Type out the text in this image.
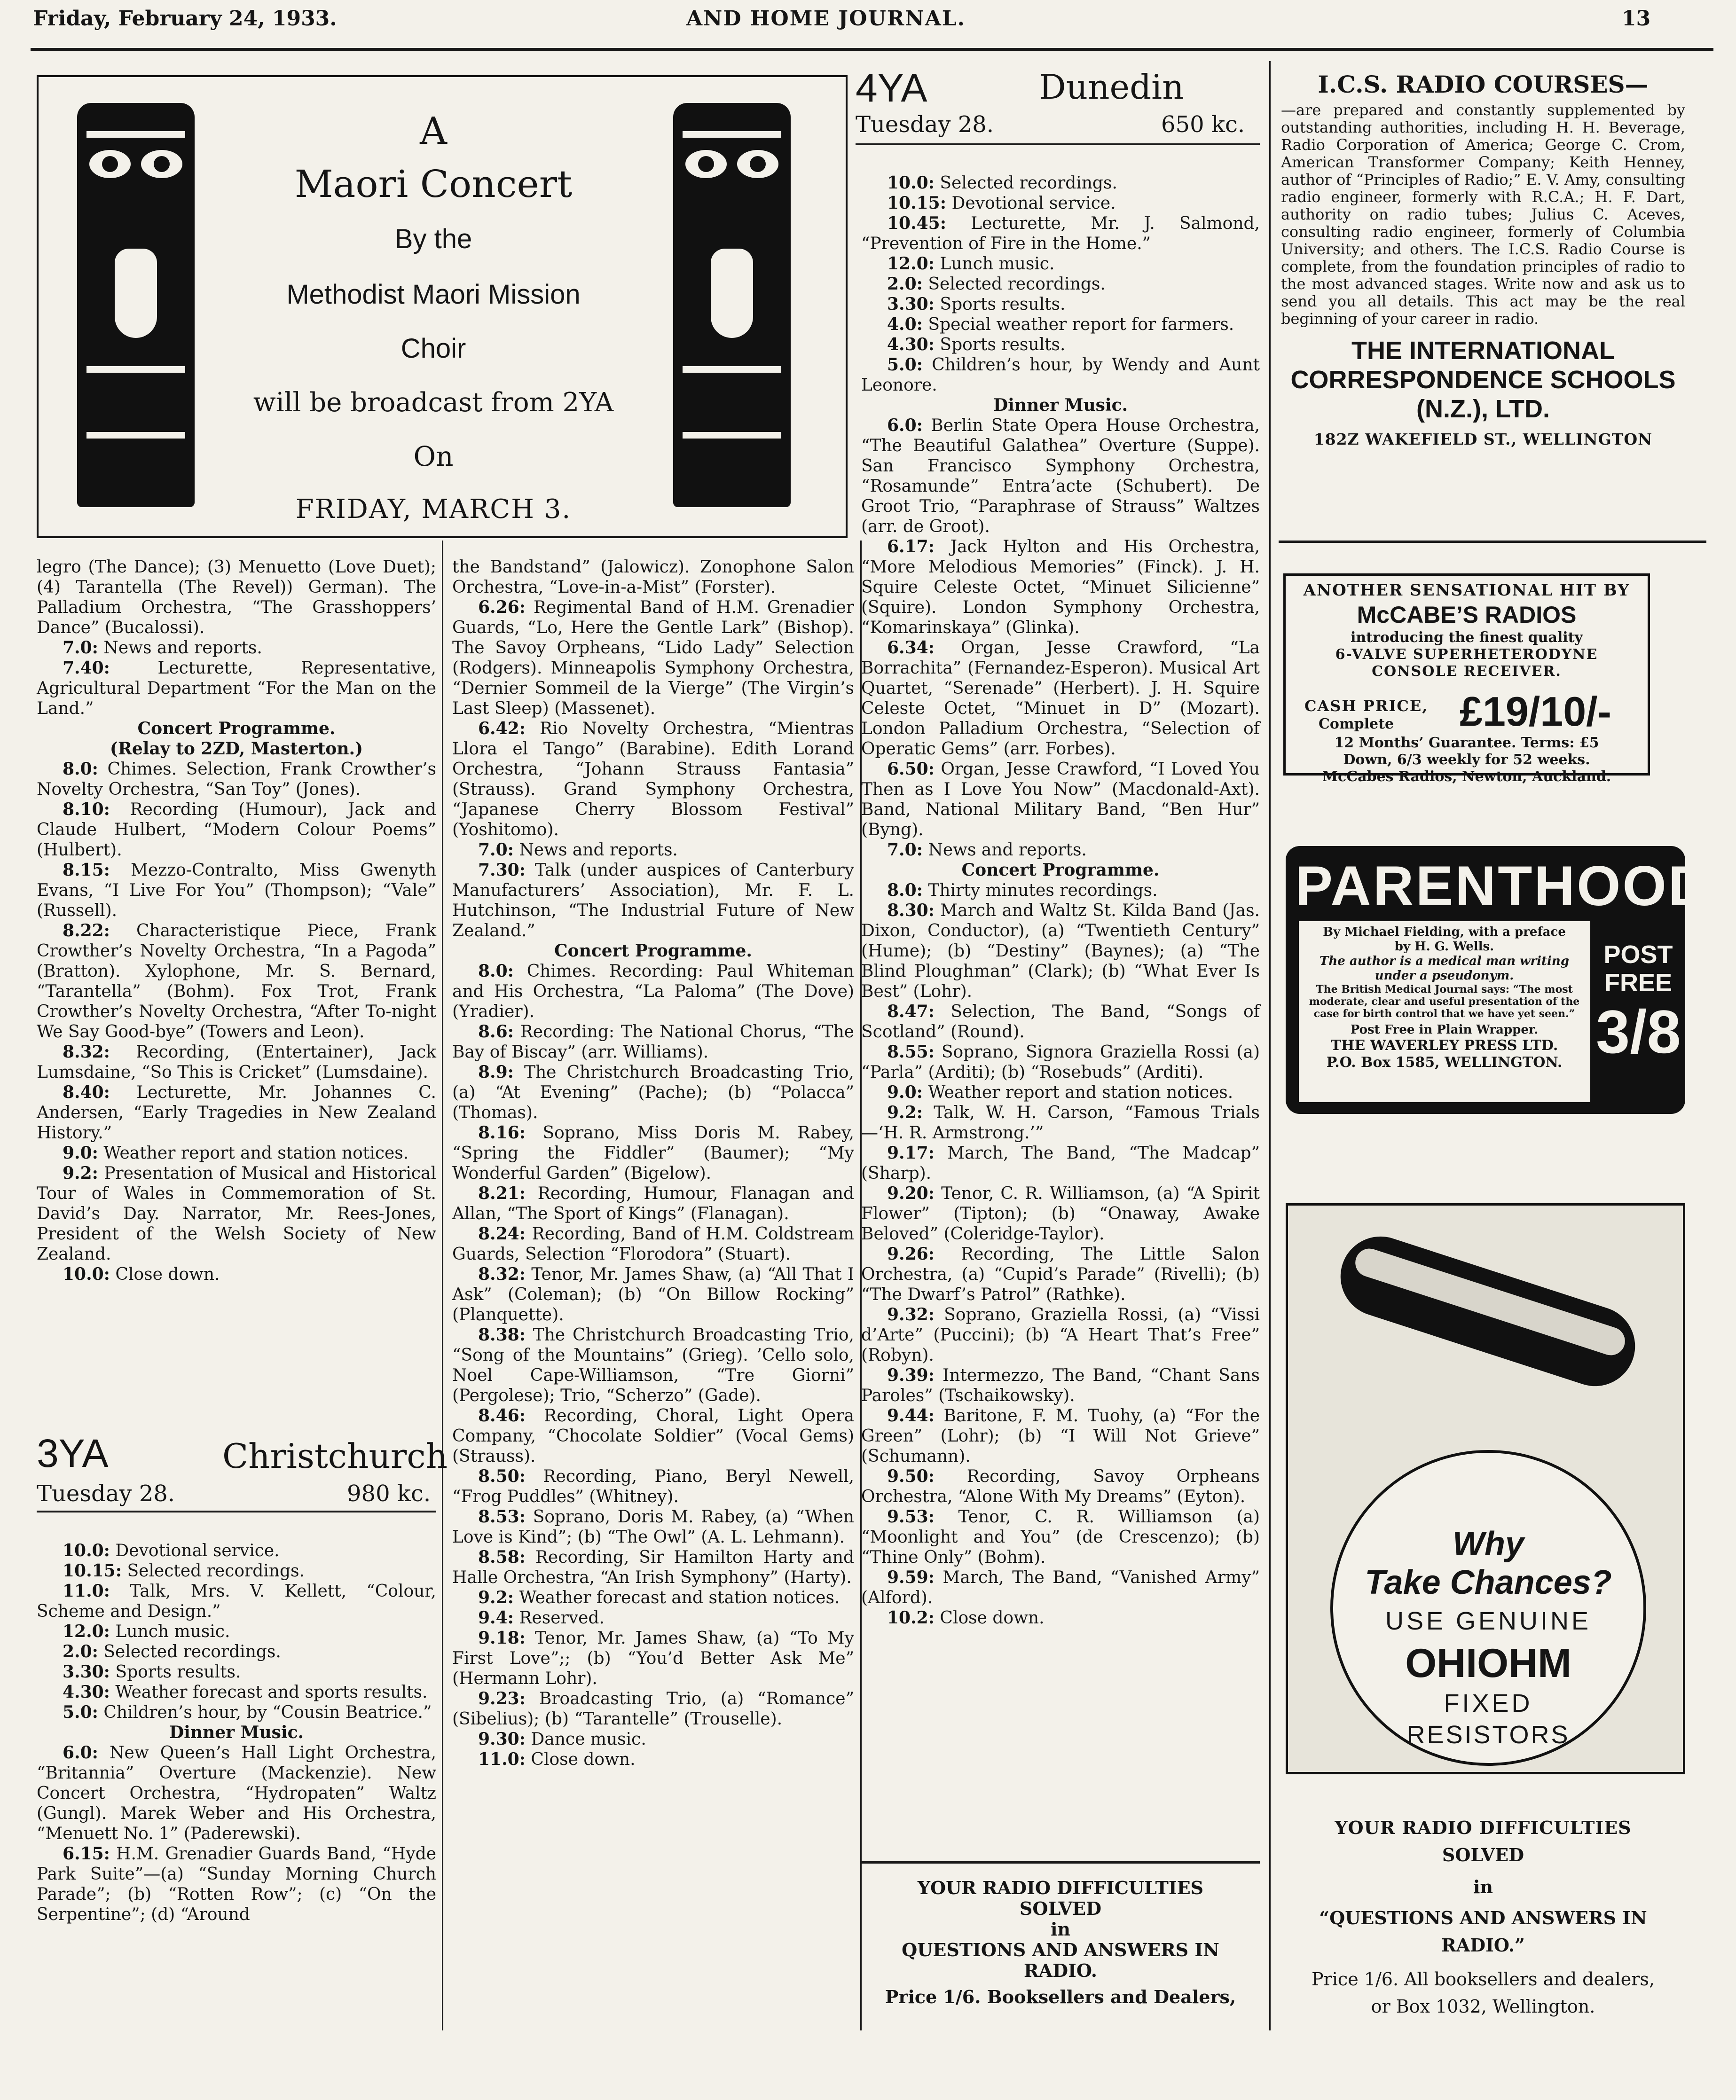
Friday, February 24, 1933.	AND HOME JOURNAL.	13
A
Maori Concert
By the
Methodist Maori Mission
Choir
will be broadcast from 2YA
On
FRIDAY, MARCH 3.

legro (The Dance); (3) Menuetto (Love Duet); (4) Tarantella (The Revel)) German). The Palladium Orchestra, “The Grasshoppers’ Dance” (Bucalossi).

7.0: News and reports.

7.40:	Lecturette, Representative, Agricultural Department “For the Man on the Land.”

Concert Programme.

(Relay to 2ZD, Masterton.)

8.0: Chimes. Selection, Frank Crowther’s Novelty Orchestra, “San Toy” (Jones).

8.10: Recording (Humour), Jack and Claude Hulbert, “Modern Colour Poems” (Hulbert).

8.15: Mezzo-Contralto, Miss Gwenyth Evans, “I Live For You” (Thompson); “Vale” (Russell).

8.22: Characteristique Piece, Frank Crowther’s Novelty Orchestra, “In a Pagoda” (Bratton). Xylophone, Mr. S. Bernard, “Tarantella” (Bohm). Fox Trot, Frank Crowther’s Novelty Orchestra, “After To-night We Say Good-bye” (Towers and Leon).

8.32: Recording, (Entertainer), Jack Lumsdaine, “So This is Cricket” (Lumsdaine).

8.40: Lecturette, Mr. Johannes C. Andersen, “Early Tragedies in New Zealand History.”

9.0: Weather report and station notices.

9.2: Presentation of Musical and Historical Tour of Wales in Commemoration of St. David’s Day. Narrator, Mr. Rees-Jones, President of the Welsh Society of New Zealand.

10.0: Close down.

3YA	Christchurch
Tuesday 28.	980 kc.

10.0: Devotional service.

10.15: Selected recordings.

11.0: Talk, Mrs. V. Kellett, “Colour, Scheme and Design.”

12.0: Lunch music.

2.0: Selected recordings.

3.30: Sports results.

4.30: Weather forecast and sports results.

5.0: Children’s hour, by “Cousin Beatrice.”

Dinner Music.

6.0: New Queen’s Hall Light Orchestra, “Britannia” Overture (Mackenzie). New Concert Orchestra, “Hydropaten” Waltz (Gungl). Marek Weber and His Orchestra, “Menuett No. 1” (Paderewski).

6.15: H.M. Grenadier Guards Band, “Hyde Park Suite”—(a) “Sunday Morning Church Parade”; (b) “Rotten Row”; (c) “On the Serpentine”; (d) “Around

the Bandstand” (Jalowicz). Zonophone Salon Orchestra, “Love-in-a-Mist” (Forster).

6.26: Regimental Band of H.M. Grenadier Guards, “Lo, Here the Gentle Lark” (Bishop). The Savoy Orpheans, “Lido Lady” Selection (Rodgers). Minneapolis Symphony Orchestra, “Dernier Sommeil de la Vierge” (The Virgin’s Last Sleep) (Massenet).

6.42: Rio Novelty Orchestra, “Mientras Llora el Tango” (Barabine). Edith Lorand Orchestra, “Johann Strauss Fantasia” (Strauss). Grand Symphony Orchestra, “Japanese Cherry Blossom Festival” (Yoshitomo).

7.0: News and reports.

7.30: Talk (under auspices of Canterbury Manufacturers’ Association), Mr. F. L. Hutchinson, “The Industrial Future of New Zealand.”

Concert Programme.

8.0: Chimes. Recording: Paul Whiteman and His Orchestra, “La Paloma” (The Dove) (Yradier).

8.6: Recording: The National Chorus, “The Bay of Biscay” (arr. Williams).

8.9: The Christchurch Broadcasting Trio, (a) “At Evening” (Pache); (b) “Polacca” (Thomas).

8.16: Soprano, Miss Doris M. Rabey, “Spring the Fiddler” (Baumer); “My Wonderful Garden” (Bigelow).

8.21: Recording, Humour, Flanagan and Allan, “The Sport of Kings” (Flanagan).

8.24: Recording, Band of H.M. Coldstream Guards, Selection “Florodora” (Stuart).

8.32: Tenor, Mr. James Shaw, (a) “All That I Ask” (Coleman); (b) “On Billow Rocking” (Planquette).

8.38: The Christchurch Broadcasting Trio, “Song of the Mountains” (Grieg). ’Cello solo, Noel Cape-Williamson, “Tre Giorni” (Pergolese); Trio, “Scherzo” (Gade).

8.46: Recording, Choral, Light Opera Company, “Chocolate Soldier” (Vocal Gems) (Strauss).

8.50: Recording, Piano, Beryl Newell, “Frog Puddles” (Whitney).

8.53: Soprano, Doris M. Rabey, (a) “When Love is Kind”; (b) “The Owl” (A. L. Lehmann).

8.58: Recording, Sir Hamilton Harty and Halle Orchestra, “An Irish Symphony” (Harty).

9.2: Weather forecast and station notices.

9.4: Reserved.

9.18: Tenor, Mr. James Shaw, (a) “To My First Love”;; (b) “You’d Better Ask Me” (Hermann Lohr).

9.23: Broadcasting Trio, (a) “Romance” (Sibelius); (b) “Tarantelle” (Trouselle).

9.30: Dance music.

11.0: Close down.

4YA	Dunedin
Tuesday 28.	650 kc.

10.0: Selected recordings.

10.15: Devotional service.

10.45: Lecturette, Mr. J. Salmond, “Prevention of Fire in the Home.”

12.0: Lunch music.

2.0: Selected recordings.

3.30: Sports results.

4.0: Special weather report for farmers.

4.30: Sports results.

5.0: Children’s hour, by Wendy and Aunt Leonore.

Dinner Music.

6.0: Berlin State Opera House Orchestra, “The Beautiful Galathea” Overture (Suppe). San Francisco Symphony Orchestra, “Rosamunde” Entra’acte (Schubert). De Groot Trio, “Paraphrase of Strauss” Waltzes (arr. de Groot).

6.17: Jack Hylton and His Orchestra, “More Melodious Memories” (Finck). J. H. Squire Celeste Octet, “Minuet Silicienne” (Squire). London Symphony Orchestra, “Komarinskaya” (Glinka).

6.34: Organ, Jesse Crawford, “La Borrachita” (Fernandez-Esperon). Musical Art Quartet, “Serenade” (Herbert). J. H. Squire Celeste Octet, “Minuet in D” (Mozart). London Palladium Orchestra, “Selection of Operatic Gems” (arr. Forbes).

6.50: Organ, Jesse Crawford, “I Loved You Then as I Love You Now” (Macdonald-Axt). Band, National Military Band, “Ben Hur” (Byng).

7.0: News and reports.

Concert Programme.

8.0: Thirty minutes recordings.

8.30: March and Waltz St. Kilda Band (Jas. Dixon, Conductor), (a) “Twentieth Century” (Hume); (b) “Destiny” (Baynes); (a) “The Blind Ploughman” (Clark); (b) “What Ever Is Best” (Lohr).

8.47: Selection, The Band, “Songs of Scotland” (Round).

8.55: Soprano, Signora Graziella Rossi (a) “Parla” (Arditi); (b) “Rosebuds” (Arditi).

9.0: Weather report and station notices.

9.2: Talk, W. H. Carson, “Famous Trials—‘H. R. Armstrong.’”

9.17: March, The Band, “The Madcap” (Sharp).

9.20: Tenor, C. R. Williamson, (a) “A Spirit Flower” (Tipton); (b) “Onaway, Awake Beloved” (Coleridge-Taylor).

9.26: Recording, The Little Salon Orchestra, (a) “Cupid’s Parade” (Rivelli); (b) “The Dwarf’s Patrol” (Rathke).

9.32: Soprano, Graziella Rossi, (a) “Vissi d’Arte” (Puccini); (b) “A Heart That’s Free” (Robyn).

9.39: Intermezzo, The Band, “Chant Sans Paroles” (Tschaikowsky).

9.44: Baritone, F. M. Tuohy, (a) “For the Green” (Lohr); (b) “I Will Not Grieve” (Schumann).

9.50: Recording, Savoy Orpheans Orchestra, “Alone With My Dreams” (Eyton).

9.53: Tenor, C. R. Williamson (a) “Moonlight and You” (de Crescenzo); (b) “Thine Only” (Bohm).

9.59: March, The Band, “Vanished Army” (Alford).

10.2: Close down.

YOUR RADIO DIFFICULTIES
SOLVED
in
QUESTIONS AND ANSWERS IN
RADIO.
Price 1/6. Booksellers and Dealers,
I.C.S. RADIO COURSES—
—are prepared and constantly supplemented by outstanding authorities, including H. H. Beverage, Radio Corporation of America; George C. Crom, American Transformer Company; Keith Henney, author of “Principles of Radio;” E. V. Amy, consulting radio engineer, formerly with R.C.A.; H. F. Dart, authority on radio tubes; Julius C. Aceves, consulting radio engineer, formerly of Columbia University; and others. The I.C.S. Radio Course is complete, from the foundation principles of radio to the most advanced stages. Write now and ask us to send you all details. This act may be the real beginning of your career in radio.
THE INTERNATIONAL CORRESPONDENCE SCHOOLS (N.Z.), LTD.
182Z WAKEFIELD ST., WELLINGTON
ANOTHER SENSATIONAL HIT BY
McCABE’S RADIOS
introducing the finest quality
6-VALVE SUPERHETERODYNE
CONSOLE RECEIVER.
CASH PRICE,
Complete £19/10/-
12 Months’ Guarantee. Terms: £5
Down, 6/3 weekly for 52 weeks.
McCabes Radios, Newton, Auckland.
PARENTHOOD
By Michael Fielding, with a preface
by H. G. Wells.
The author is a medical man writing under a pseudonym.
The British Medical Journal says: “The most moderate, clear and useful presentation of the case for birth control that we have yet seen.”
Post Free in Plain Wrapper.
THE WAVERLEY PRESS LTD.
P.O. Box 1585, WELLINGTON.
POST
FREE
3/8
Why
Take Chances?
USE GENUINE
OHIOHM
FIXED
RESISTORS
YOUR RADIO DIFFICULTIES
SOLVED
in
“QUESTIONS AND ANSWERS IN
RADIO.”
Price 1/6. All booksellers and dealers,
or Box 1032, Wellington.
